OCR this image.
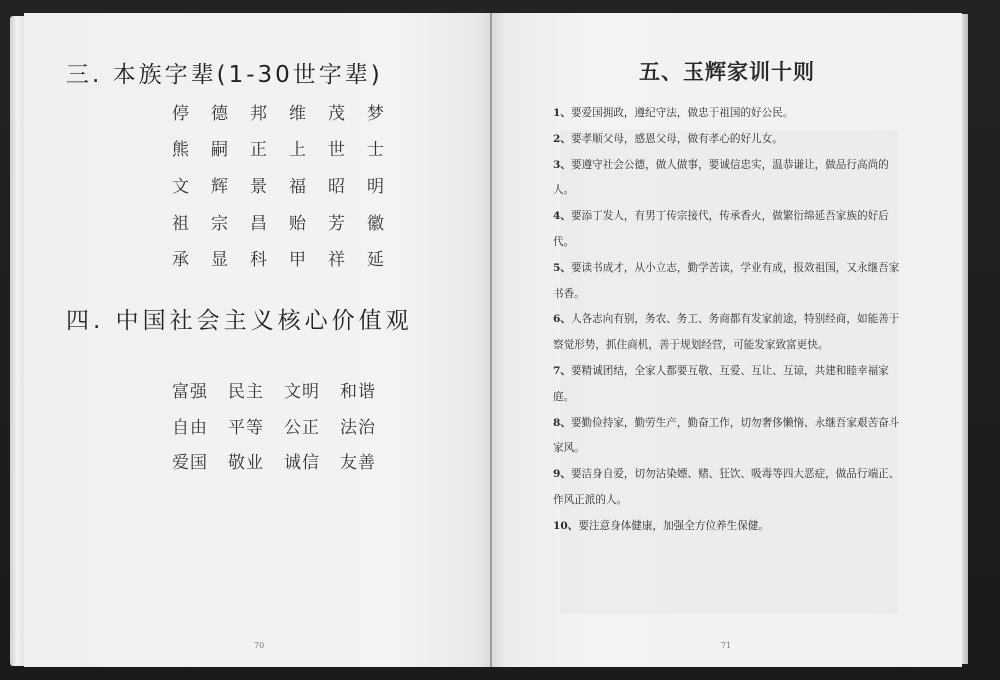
三. 本族字辈(1-30世字辈)
停	德	邦	维	茂	梦
熊	嗣	正	上	世	士
文	辉	景	福	昭	明
祖	宗	昌	贻	芳	徽
承	显	科	甲	祥	延
四. 中国社会主义核心价值观
富强	民主	文明	和谐
自由	平等	公正	法治
爱国	敬业	诚信	友善
70
五、玉辉家训十则

1、要爱国拥政，遵纪守法，做忠于祖国的好公民。

2、要孝顺父母，感恩父母，做有孝心的好儿女。

3、要遵守社会公德，做人做事，要诚信忠实，温恭谦让，做品行高尚的人。

4、要添丁发人，有男丁传宗接代，传承香火，做繁衍绵延吾家族的好后代。

5、要读书成才，从小立志，勤学苦读，学业有成，报效祖国，又永继吾家书香。

6、人各志向有别，务农、务工、务商都有发家前途，特别经商，如能善于察觉形势，抓住商机，善于规划经营，可能发家致富更快。

7、要精诚团结，全家人都要互敬、互爱、互让、互谅，共建和睦幸福家庭。

8、要勤俭持家，勤劳生产，勤奋工作，切勿奢侈懒惰、永继吾家艰苦奋斗家风。

9、要洁身自爱，切勿沾染嫖、赌、狂饮、吸毒等四大恶症，做品行端正、作风正派的人。

10、要注意身体健康，加强全方位养生保健。

71
